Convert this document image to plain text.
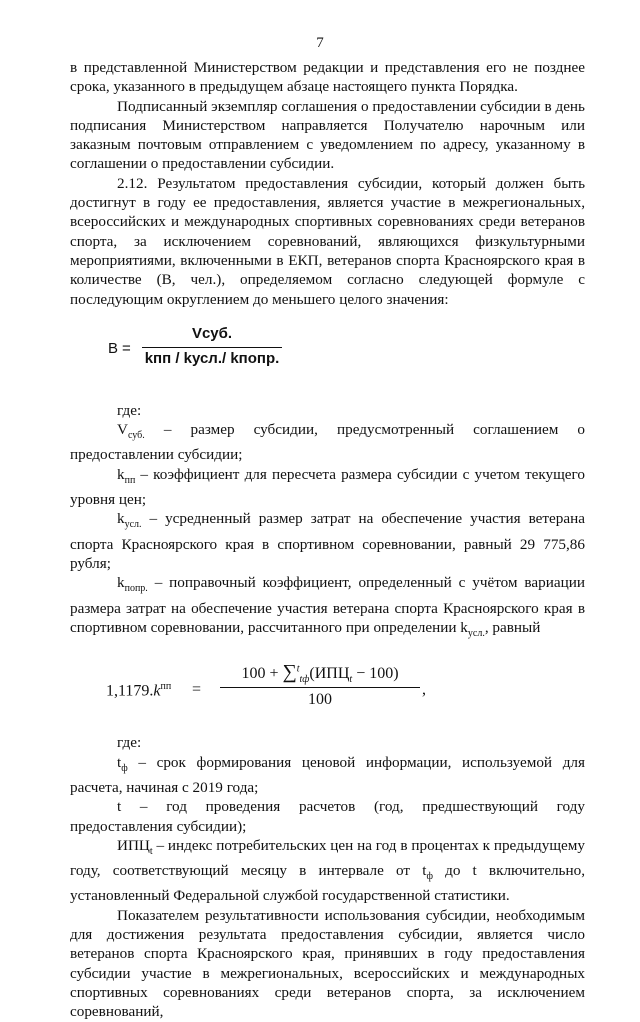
7

в представленной Министерством редакции и представления его не позднее срока, указанного в предыдущем абзаце настоящего пункта Порядка.

Подписанный экземпляр соглашения о предоставлении субсидии в день подписания Министерством направляется Получателю нарочным или заказным почтовым отправлением с уведомлением по адресу, указанному в соглашении о предоставлении субсидии.

2.12. Результатом предоставления субсидии, который должен быть достигнут в году ее предоставления, является участие в межрегиональных, всероссийских и международных спортивных соревнованиях среди ветеранов спорта, за исключением соревнований, являющихся физкультурными мероприятиями, включенными в ЕКП, ветеранов спорта Красноярского края в количестве (В, чел.), определяемом согласно следующей формуле с последующим округлением до меньшего целого значения:

В =
Vсуб.
kпп / kусл./ kпопр.

где:

$V_{суб.}$ – размер субсидии, предусмотренный соглашением о предоставлении субсидии;

$k_{пп}$ – коэффициент для пересчета размера субсидии с учетом текущего уровня цен;

$k_{усл.}$ – усредненный размер затрат на обеспечение участия ветерана спорта Красноярского края в спортивном соревновании, равный 29 775,86 рубля;

$k_{попр.}$ – поправочный коэффициент, определенный с учётом вариации размера затрат на обеспечение участия ветерана спорта Красноярского края в спортивном соревновании, рассчитанного при определении $k_{усл.}$, равный

$1,1179.k^{пп}$ =
$100 + \sum^t_{tф}(ИПЦ_t - 100)$
100
,

где:

$t_ф$ – срок формирования ценовой информации, используемой для расчета, начиная с 2019 года;

t – год проведения расчетов (год, предшествующий году предоставления субсидии);

$ИПЦ_t$ – индекс потребительских цен на год в процентах к предыдущему году, соответствующий месяцу в интервале от $t_ф$ до t включительно, установленный Федеральной службой государственной статистики.

Показателем результативности использования субсидии, необходимым для достижения результата предоставления субсидии, является число ветеранов спорта Красноярского края, принявших в году предоставления субсидии участие в межрегиональных, всероссийских и международных спортивных соревнованиях среди ветеранов спорта, за исключением соревнований,
